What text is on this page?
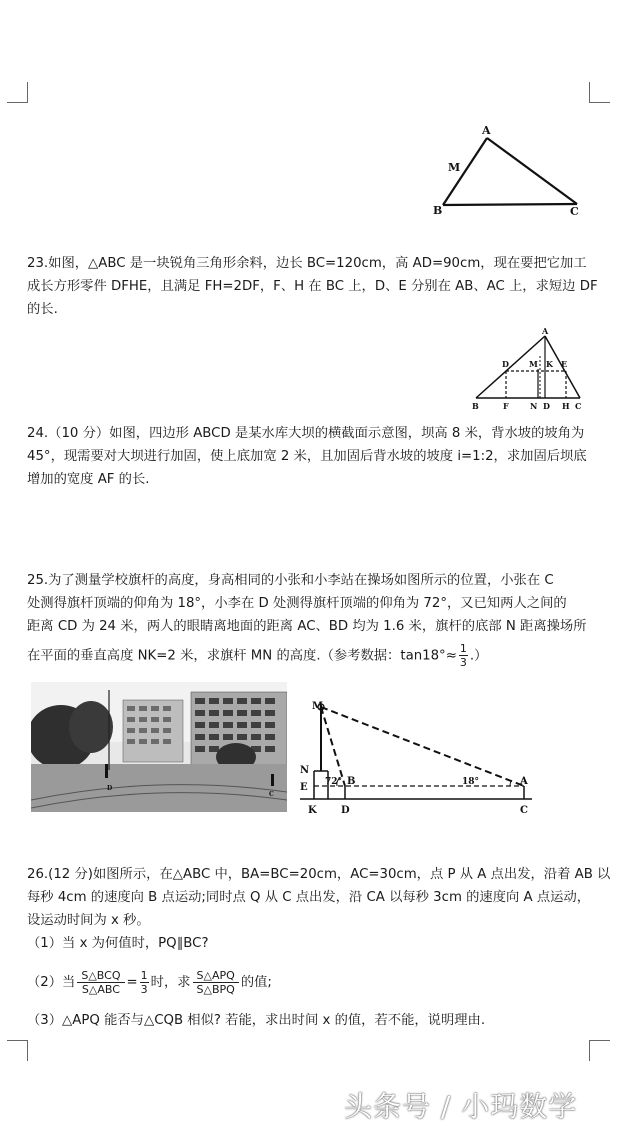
A
M
B	C

23.如图，△ABC 是一块锐角三角形余料，边长 BC=120cm，高 AD=90cm，现在要把它加工

成长方形零件 DFHE，且满足 FH=2DF，F、H 在 BC 上，D、E 分别在 AB、AC 上，求短边 DF

的长.

A
D	M K E
B	F	N D H C

24.（10 分）如图，四边形 ABCD 是某水库大坝的横截面示意图，坝高 8 米，背水坡的坡角为

45°，现需要对大坝进行加固，使上底加宽 2 米，且加固后背水坡的坡度 i=1:2，求加固后坝底

增加的宽度 AF 的长.

25.为了测量学校旗杆的高度，身高相同的小张和小李站在操场如图所示的位置，小张在 C

处测得旗杆顶端的仰角为 18°，小李在 D 处测得旗杆顶端的仰角为 72°，又已知两人之间的

距离 CD 为 24 米，两人的眼睛离地面的距离 AC、BD 均为 1.6 米，旗杆的底部 N 距离操场所

在平面的垂直高度 NK=2 米，求旗杆 MN 的高度.（参考数据：$\tan 18^\circ\approx \frac{1}{3}$ .）

D
C
M
N
E
K D
B	A
C
72°	18°

26.(12 分)如图所示，在△ABC 中，BA=BC=20cm，AC=30cm，点 P 从 A 点出发，沿着 AB 以

每秒 4cm 的速度向 B 点运动;同时点 Q 从 C 点出发，沿 CA 以每秒 3cm 的速度向 A 点运动，

设运动时间为 x 秒。

（1）当 x 为何值时，PQ∥BC?

（2）当 $\frac{\text{S△BCQ}}{\text{S△ABC}} = \frac{1}{3}$ 时，求 $\frac{\text{S△APQ}}{\text{S△BPQ}}$ 的值;

（3）△APQ 能否与△CQB 相似? 若能，求出时间 x 的值，若不能，说明理由.

头条号 / 小玛数学
